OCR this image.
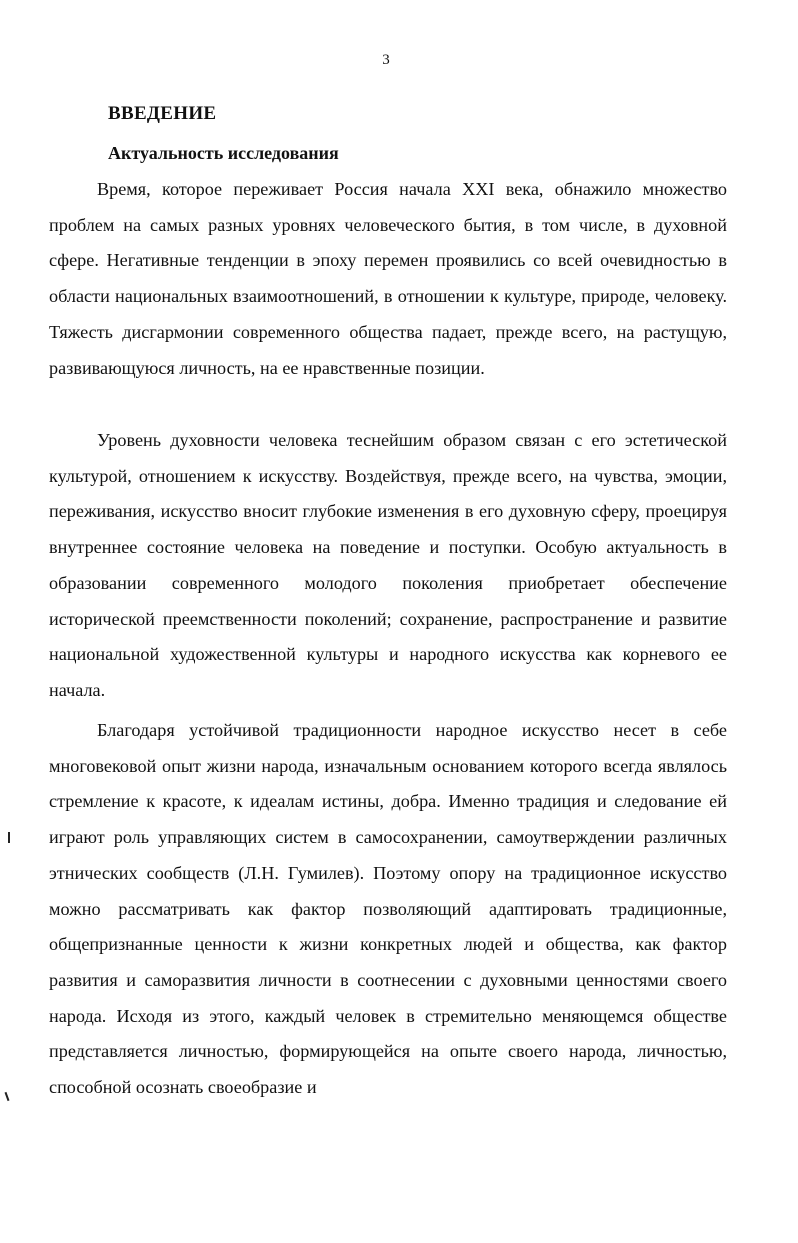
3
ВВЕДЕНИЕ
Актуальность исследования

Время, которое переживает Россия начала XXI века, обнажило множество проблем на самых разных уровнях человеческого бытия, в том числе, в духовной сфере. Негативные тенденции в эпоху перемен проявились со всей очевидностью в области национальных взаимоотношений, в отношении к культуре, природе, человеку. Тяжесть дисгармонии современного общества падает, прежде всего, на растущую, развивающуюся личность, на ее нравственные позиции.

Уровень духовности человека теснейшим образом связан с его эстетической культурой, отношением к искусству. Воздействуя, прежде всего, на чувства, эмоции, переживания, искусство вносит глубокие изменения в его духовную сферу, проецируя внутреннее состояние человека на поведение и поступки. Особую актуальность в образовании современного молодого поколения приобретает обеспечение исторической преемственности поколений; сохранение, распространение и развитие национальной художественной культуры и народного искусства как корневого ее начала.

Благодаря устойчивой традиционности народное искусство несет в себе многовековой опыт жизни народа, изначальным основанием которого всегда являлось стремление к красоте, к идеалам истины, добра. Именно традиция и следование ей играют роль управляющих систем в самосохранении, самоутверждении различных этнических сообществ (Л.Н. Гумилев). Поэтому опору на традиционное искусство можно рассматривать как фактор позволяющий адаптировать традиционные, общепризнанные ценности к жизни конкретных людей и общества, как фактор развития и саморазвития личности в соотнесении с духовными ценностями своего народа. Исходя из этого, каждый человек в стремительно меняющемся обществе представляется личностью, формирующейся на опыте своего народа, личностью, способной осознать своеобразие и
